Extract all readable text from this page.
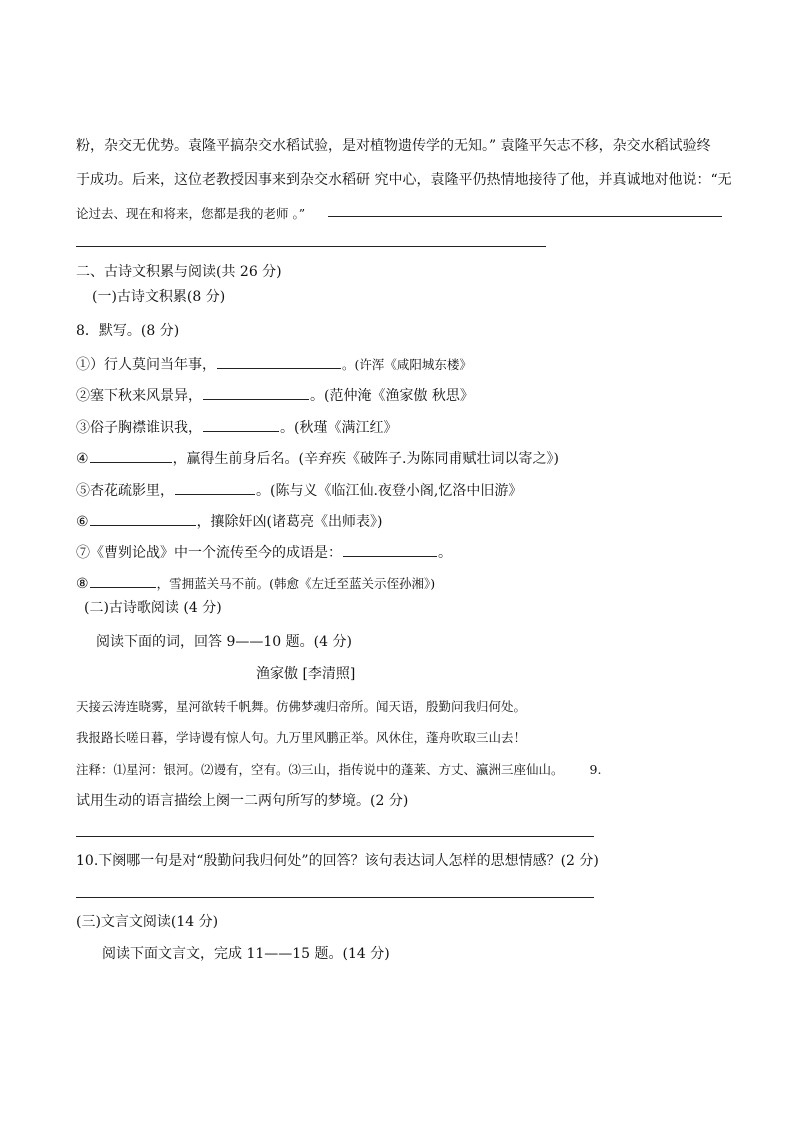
粉，杂交无优势。袁隆平搞杂交水稻试验，是对植物遗传学的无知。” 袁隆平矢志不移，杂交水稻试验终
于成功。后来，这位老教授因事来到杂交水稻研 究中心，袁隆平仍热情地接待了他，并真诚地对他说：“无
论过去、现在和将来，您都是我的老师 。”
二、古诗文积累与阅读(共 26 分)
(一)古诗文积累(8 分)
8．默写。(8 分)
①）行人莫问当年事，	。(许浑《咸阳城东楼》
②塞下秋来风景异，	。(范仲淹《渔家傲 秋思》
③俗子胸襟谁识我，	。(秋瑾《满江红》
④	，赢得生前身后名。(辛弃疾《破阵子.为陈同甫赋壮词以寄之》)
⑤杏花疏影里，	。(陈与义《临江仙.夜登小阁,忆洛中旧游》
⑥	，攘除奸凶(诸葛亮《出师表》)
⑦《曹刿论战》中一个流传至今的成语是：	。
⑧	，雪拥蓝关马不前。(韩愈《左迁至蓝关示侄孙湘》)
(二)古诗歌阅读 (4 分)
阅读下面的词，回答 9——10 题。(4 分)
渔家傲 [李清照]
天接云涛连晓雾，星河欲转千帆舞。仿佛梦魂归帝所。闻天语，殷勤问我归何处。
我报路长嗟日暮，学诗谩有惊人句。九万里风鹏正举。风休住，蓬舟吹取三山去！
注释：⑴星河：银河。⑵谩有，空有。⑶三山，指传说中的蓬莱、方丈、瀛洲三座仙山。 9.
试用生动的语言描绘上阕一二两句所写的梦境。(2 分)
10.下阕哪一句是对“殷勤问我归何处”的回答？该句表达词人怎样的思想情感？(2 分)
(三)文言文阅读(14 分)
阅读下面文言文，完成 11——15 题。(14 分)
